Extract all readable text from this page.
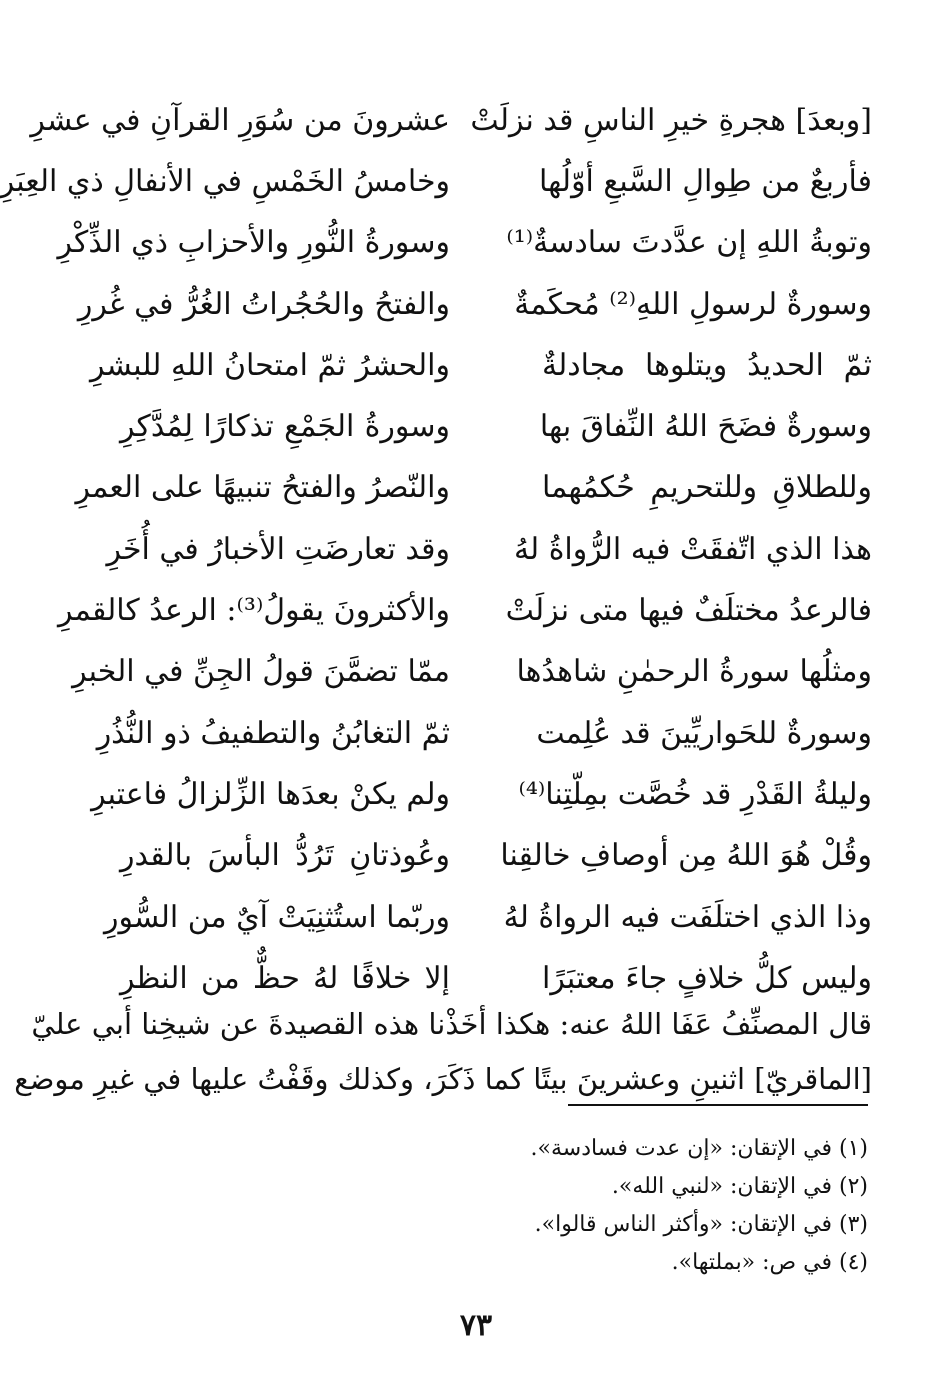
[وبعدَ] هجرةِ خيرِ الناسِ قد نزلَتْ
عشرونَ من سُوَرِ القرآنِ في عشرِ
فأربعٌ من طِوالِ السَّبعِ أوّلُها
وخامسُ الخَمْسِ في الأنفالِ ذي العِبَرِ
وتوبةُ اللهِ إن عدَّدتَ سادسةٌ⁽¹⁾
وسورةُ النُّورِ والأحزابِ ذي الذِّكْرِ
وسورةٌ لرسولِ اللهِ⁽²⁾ مُحكَمةٌ
والفتحُ والحُجُراتُ الغُرُّ في غُررِ
ثمّ الحديدُ ويتلوها مجادلةٌ
والحشرُ ثمّ امتحانُ اللهِ للبشرِ
وسورةٌ فضَحَ اللهُ النِّفاقَ بها
وسورةُ الجَمْعِ تذكارًا لِمُدَّكِرِ
وللطلاقِ وللتحريمِ حُكمُهما
والنّصرُ والفتحُ تنبيهًا على العمرِ
هذا الذي اتّفقَتْ فيه الرُّواةُ لهُ
وقد تعارضَتِ الأخبارُ في أُخَرِ
فالرعدُ مختلَفٌ فيها متى نزلَتْ
والأكثرونَ يقولُ⁽³⁾: الرعدُ كالقمرِ
ومثلُها سورةُ الرحمٰنِ شاهدُها
ممّا تضمَّنَ قولُ الجِنِّ في الخبرِ
وسورةٌ للحَواريِّينَ قد عُلِمت
ثمّ التغابُنُ والتطفيفُ ذو النُّذُرِ
وليلةُ القَدْرِ قد خُصَّت بمِلّتِنا⁽⁴⁾
ولم يكنْ بعدَها الزِّلزالُ فاعتبرِ
وقُلْ هُوَ اللهُ مِن أوصافِ خالقِنا
وعُوذتانِ تَرُدُّ البأسَ بالقدرِ
وذا الذي اختلَفَت فيه الرواةُ لهُ
وربّما استُثنِيَتْ آيٌ من السُّورِ
وليس كلُّ خلافٍ جاءَ معتبَرًا
إلا خلافًا لهُ حظٌّ من النظرِ
قال المصنِّفُ عَفَا اللهُ عنه: هكذا أخَذْنا هذه القصيدةَ عن شيخِنا أبي عليّ
[الماقريّ] اثنينِ وعشرينَ بيتًا كما ذَكَرَ، وكذلك وقَفْتُ عليها في غيرِ موضع
(١) في الإتقان: «إن عدت فسادسة».
(٢) في الإتقان: «لنبي الله».
(٣) في الإتقان: «وأكثر الناس قالوا».
(٤) في ص: «بملتها».
٧٣
